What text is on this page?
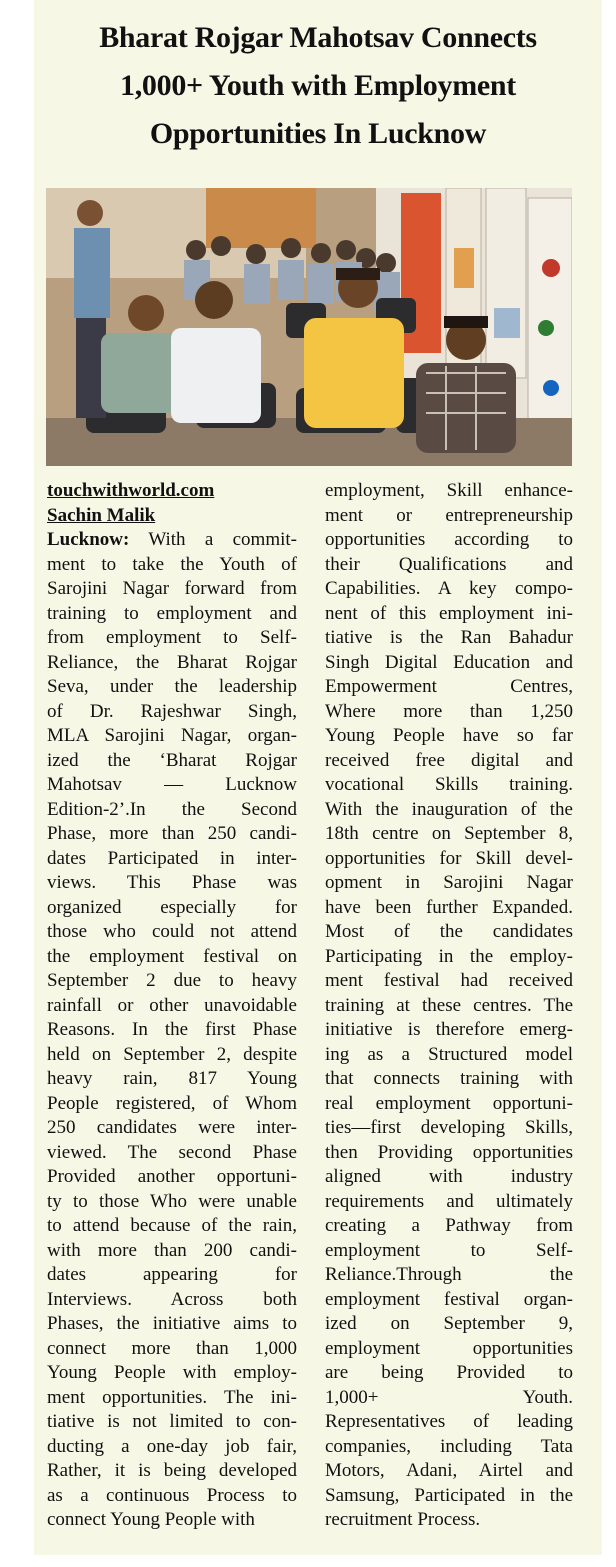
Bharat Rojgar Mahotsav Connects
1,000+ Youth with Employment
Opportunities In Lucknow
touchwithworld.com
Sachin Malik
Lucknow: With a commit-
ment to take the Youth of
Sarojini Nagar forward from
training to employment and
from employment to Self-
Reliance, the Bharat Rojgar
Seva, under the leadership
of Dr. Rajeshwar Singh,
MLA Sarojini Nagar, organ-
ized the ‘Bharat Rojgar
Mahotsav — Lucknow
Edition-2’.In the Second
Phase, more than 250 candi-
dates Participated in inter-
views. This Phase was
organized especially for
those who could not attend
the employment festival on
September 2 due to heavy
rainfall or other unavoidable
Reasons. In the first Phase
held on September 2, despite
heavy rain, 817 Young
People registered, of Whom
250 candidates were inter-
viewed. The second Phase
Provided another opportuni-
ty to those Who were unable
to attend because of the rain,
with more than 200 candi-
dates appearing for
Interviews. Across both
Phases, the initiative aims to
connect more than 1,000
Young People with employ-
ment opportunities. The ini-
tiative is not limited to con-
ducting a one-day job fair,
Rather, it is being developed
as a continuous Process to
connect Young People with
employment, Skill enhance-
ment or entrepreneurship
opportunities according to
their Qualifications and
Capabilities. A key compo-
nent of this employment ini-
tiative is the Ran Bahadur
Singh Digital Education and
Empowerment Centres,
Where more than 1,250
Young People have so far
received free digital and
vocational Skills training.
With the inauguration of the
18th centre on September 8,
opportunities for Skill devel-
opment in Sarojini Nagar
have been further Expanded.
Most of the candidates
Participating in the employ-
ment festival had received
training at these centres. The
initiative is therefore emerg-
ing as a Structured model
that connects training with
real employment opportuni-
ties—first developing Skills,
then Providing opportunities
aligned with industry
requirements and ultimately
creating a Pathway from
employment to Self-
Reliance.Through the
employment festival organ-
ized on September 9,
employment opportunities
are being Provided to
1,000+ Youth.
Representatives of leading
companies, including Tata
Motors, Adani, Airtel and
Samsung, Participated in the
recruitment Process.
